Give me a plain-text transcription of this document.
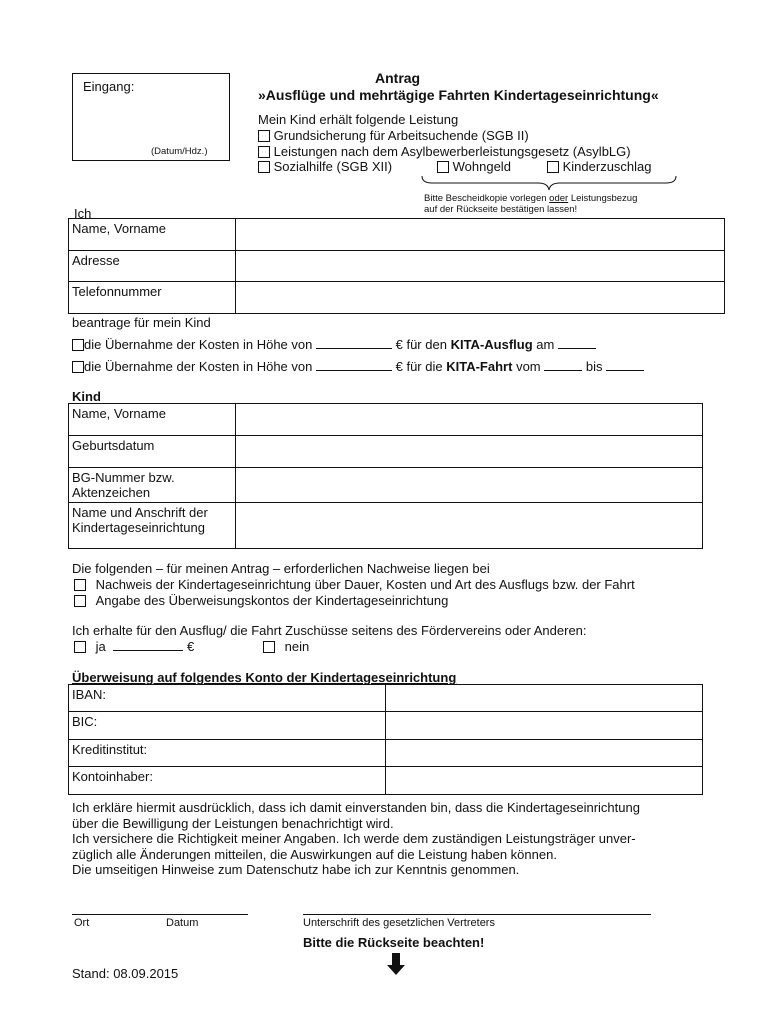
Eingang:
(Datum/Hdz.)
Antrag
»Ausflüge und mehrtägige Fahrten Kindertageseinrichtung«
Mein Kind erhält folgende Leistung
Grundsicherung für Arbeitsuchende (SGB II)
Leistungen nach dem Asylbewerberleistungsgesetz (AsylbLG)
Sozialhilfe (SGB XII)	Wohngeld	Kinderzuschlag
Bitte Bescheidkopie vorlegen oder Leistungsbezug
auf der Rückseite bestätigen lassen!
Ich
Name, Vorname	
Adresse	
Telefonnummer	
beantrage für mein Kind
die Übernahme der Kosten in Höhe von	€ für den KITA-Ausflug am
die Übernahme der Kosten in Höhe von	€ für die KITA-Fahrt vom	bis
Kind
Name, Vorname	
Geburtsdatum	

BG-Nummer bzw.
Aktenzeichen	

Name und Anschrift der
Kindertageseinrichtung	

Die folgenden – für meinen Antrag – erforderlichen Nachweise liegen bei
Nachweis der Kindertageseinrichtung über Dauer, Kosten und Art des Ausflugs bzw. der Fahrt
Angabe des Überweisungskontos der Kindertageseinrichtung
Ich erhalte für den Ausflug/ die Fahrt Zuschüsse seitens des Fördervereins oder Anderen:
ja	€	nein
Überweisung auf folgendes Konto der Kindertageseinrichtung
IBAN:	
BIC:	
Kreditinstitut:	
Kontoinhaber:	
Ich erkläre hiermit ausdrücklich, dass ich damit einverstanden bin, dass die Kindertageseinrichtung
über die Bewilligung der Leistungen benachrichtigt wird.
Ich versichere die Richtigkeit meiner Angaben. Ich werde dem zuständigen Leistungsträger unver-
züglich alle Änderungen mitteilen, die Auswirkungen auf die Leistung haben können.
Die umseitigen Hinweise zum Datenschutz habe ich zur Kenntnis genommen.
Ort	Datum	Unterschrift des gesetzlichen Vertreters
Bitte die Rückseite beachten!
Stand: 08.09.2015
